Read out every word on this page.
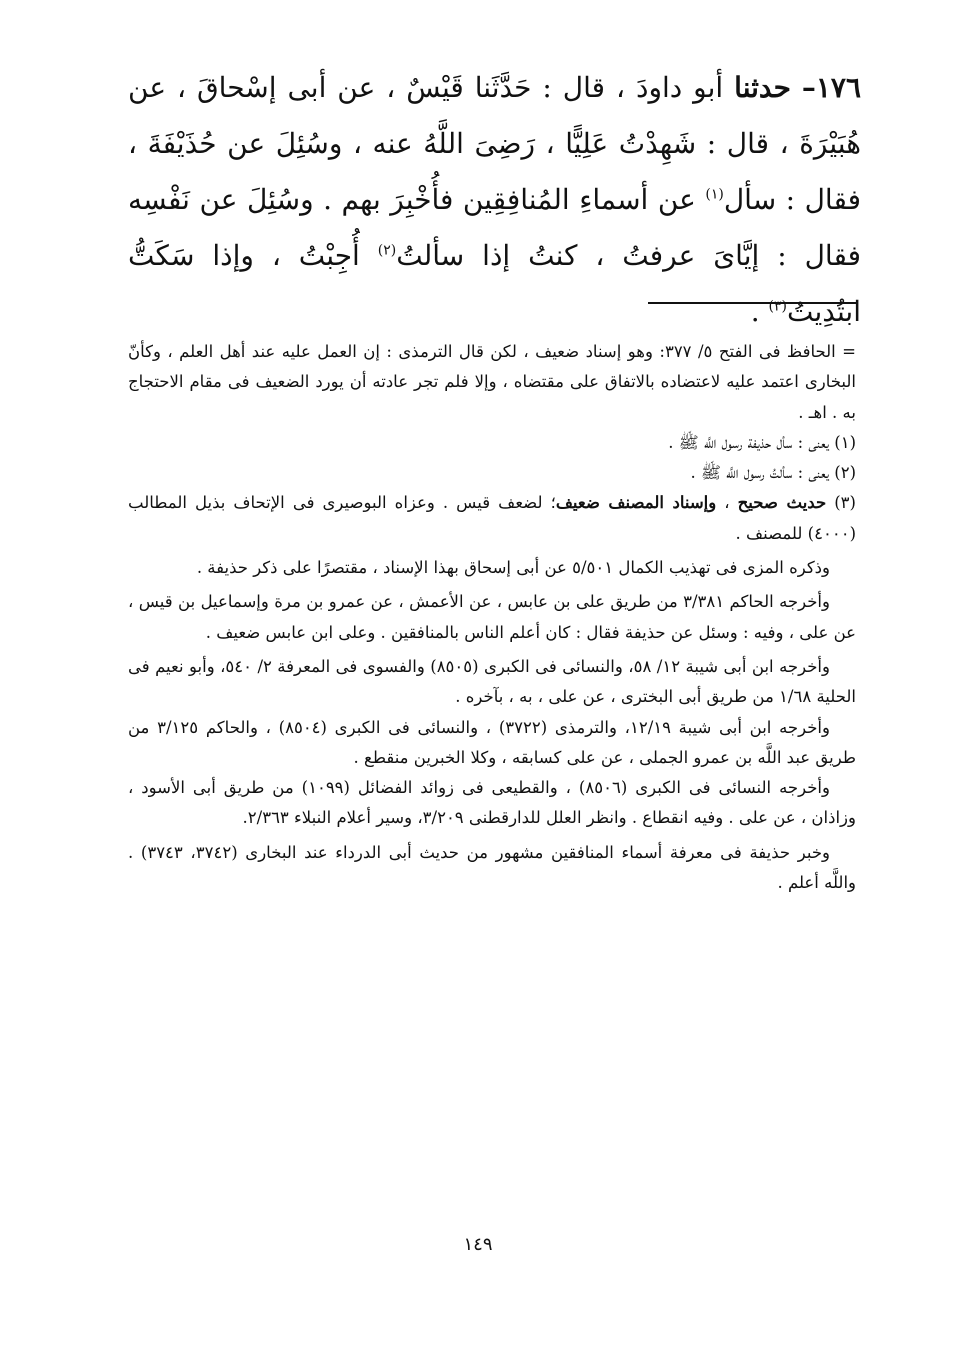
١٧٦– حدثنا أبو داودَ ، قال : حَدَّثَنا قَيْسٌ ، عن أبى إسْحاقَ ، عن هُبَيْرَةَ ، قال : شَهِدْتُ عَلِيًّا ، رَضِىَ اللَّهُ عنه ، وسُئِلَ عن حُذَيْفَةَ ، فقال : سأل$^{(١)}$ عن أسماءِ المُنافِقِين فأُخْبِرَ بهم . وسُئِلَ عن نَفْسِه فقال : إيَّاىَ عرفتُ ، كنتُ إذا سألتُ$^{(٢)}$ أُجِبْتُ ، وإذا سَكَتُّ ابتُدِيتُ$^{(٣)}$ .

= الحافظ فى الفتح ٥/ ٣٧٧: وهو إسناد ضعيف ، لكن قال الترمذى : إن العمل عليه عند أهل العلم ، وكأنّ البخارى اعتمد عليه لاعتضاده بالاتفاق على مقتضاه ، وإلا فلم تجر عادته أن يورد الضعيف فى مقام الاحتجاج به . اهـ .

(١) يعنى : سأل حذيفة رسول اللَّه ﷺ .

(٢) يعنى : سألتُ رسول اللَّه ﷺ .

(٣) حديث صحيح ، وإسناد المصنف ضعيف؛ لضعف قيس . وعزاه البوصيرى فى الإتحاف بذيل المطالب (٤٠٠٠) للمصنف .

وذكره المزى فى تهذيب الكمال ٥/٥٠١ عن أبى إسحاق بهذا الإسناد ، مقتصرًا على ذكر حذيفة .

وأخرجه الحاكم ٣/٣٨١ من طريق على بن عابس ، عن الأعمش ، عن عمرو بن مرة وإسماعيل بن قيس ، عن على ، وفيه : وسئل عن حذيفة فقال : كان أعلم الناس بالمنافقين . وعلى ابن عابس ضعيف .

وأخرجه ابن أبى شيبة ١٢/ ٥٨، والنسائى فى الكبرى (٨٥٠٥) والفسوى فى المعرفة ٢/ ٥٤٠، وأبو نعيم فى الحلية ١/٦٨ من طريق أبى البخترى ، عن على ، به ، بآخره .

وأخرجه ابن أبى شيبة ١٢/١٩، والترمذى (٣٧٢٢) ، والنسائى فى الكبرى (٨٥٠٤) ، والحاكم ٣/١٢٥ من طريق عبد اللَّه بن عمرو الجملى ، عن على كسابقه ، وكلا الخبرين منقطع .

وأخرجه النسائى فى الكبرى (٨٥٠٦) ، والقطيعى فى زوائد الفضائل (١٠٩٩) من طريق أبى الأسود ، وزاذان ، عن على . وفيه انقطاع . وانظر العلل للدارقطنى ٣/٢٠٩، وسير أعلام النبلاء ٢/٣٦٣.

وخبر حذيفة فى معرفة أسماء المنافقين مشهور من حديث أبى الدرداء عند البخارى (٣٧٤٢، ٣٧٤٣) . واللَّه أعلم .

١٤٩
